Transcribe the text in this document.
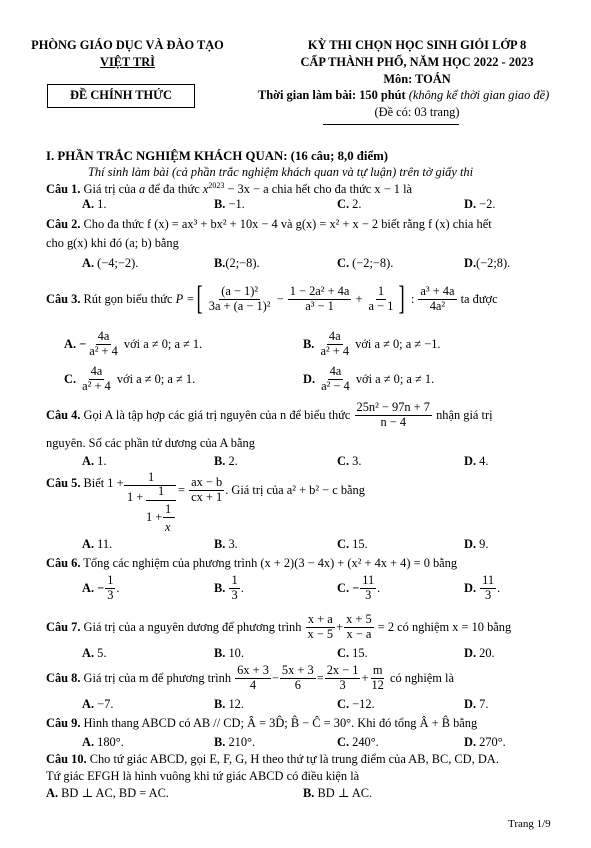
PHÒNG GIÁO DỤC VÀ ĐÀO TẠO
VIỆT TRÌ
KỲ THI CHỌN HỌC SINH GIỎI LỚP 8
CẤP THÀNH PHỐ, NĂM HỌC 2022 - 2023
Môn: TOÁN
ĐỀ CHÍNH THỨC	Thời gian làm bài: 150 phút (không kể thời gian giao đề)
(Đề có: 03 trang)
I. PHẦN TRẮC NGHIỆM KHÁCH QUAN: (16 câu; 8,0 điểm)
Thí sinh làm bài (cả phần trắc nghiệm khách quan và tự luận) trên tờ giấy thi
Câu 1. Giá trị của a để đa thức $x^{2023} - 3x - a$ chia hết cho đa thức x − 1 là
A. 1.	B. −1.	C. 2.	D. −2.
Câu 2. Cho đa thức f (x) = ax³ + bx² + 10x − 4 và g(x) = x² + x − 2 biết rằng f (x) chia hết
cho g(x) khi đó (a; b) bằng
A. (−4;−2).	B.(2;−8).	C. (−2;−8).	D.(−2;8).
Câu 3.
Rút gọn biểu thức
P = [ $\frac{\text{(a − 1)²}}{\text{3a + (a − 1)²}} - \frac{\text{1 − 2a² + 4a}}{\text{a³ − 1}} + \frac{1}{a - 1}$ ] : $\frac{\text{a³ + 4a}}{\text{4a²}}$
ta được
A. − $\frac{4a}{\text{a² + 4}}$
với a ≠ 0; a ≠ 1.	B.
$\frac{4a}{\text{a² + 4}}$
với a ≠ 0; a ≠ −1.
C.
$\frac{4a}{\text{a² + 4}}$
với a ≠ 0; a ≠ 1.	D.
$\frac{4a}{\text{a² − 4}}$
với a ≠ 0; a ≠ 1.
Câu 4.
Gọi A là tập hợp các giá trị nguyên của n để biểu thức
$\frac{\text{25n² − 97n + 7}}{n - 4}$
nhận giá trị
nguyên. Số các phần tử dương của A bằng
A. 1.	B. 2.	C. 3.	D. 4.
Câu 5. Biết 1 + 1
1 + 1
1 +
1
x
=
$\frac{ax - b}{cx + 1}$ . Giá trị của a² + b² − c bằng
A. 11.	B. 3.	C. 15.	D. 9.
Câu 6. Tổng các nghiệm của phương trình (x + 2)(3 − 4x) + (x² + 4x + 4) = 0 bằng
A. − $\frac{1}{3}$ .	B.
$\frac{1}{3}$ .	C. − $\frac{11}{3}$ .	D.
$\frac{11}{3}$ .
Câu 7.
Giá trị của a nguyên dương để phương trình
$\frac{x + a}{x - 5} + \frac{x + 5}{x - a}$
= 2 có nghiệm x = 10 bằng
A. 5.	B. 10.	C. 15.	D. 20.
Câu 8.
Giá trị của m để phương trình
$\frac{6x + 3}{4} - \frac{5x + 3}{6} = \frac{2x - 1}{3} + \frac{m}{12}$
có nghiệm là
A. −7.	B. 12.	C. −12.	D. 7.
Câu 9. Hình thang ABCD có AB // CD; Â = 3D̂; B̂ − Ĉ = 30°. Khi đó tổng Â + B̂ bằng
A. 180°.	B. 210°.	C. 240°.	D. 270°.
Câu 10. Cho tứ giác ABCD, gọi E, F, G, H theo thứ tự là trung điểm của AB, BC, CD, DA.
Tứ giác EFGH là hình vuông khi tứ giác ABCD có điều kiện là
A. BD ⊥ AC, BD = AC.	B. BD ⊥ AC.
Trang 1/9
